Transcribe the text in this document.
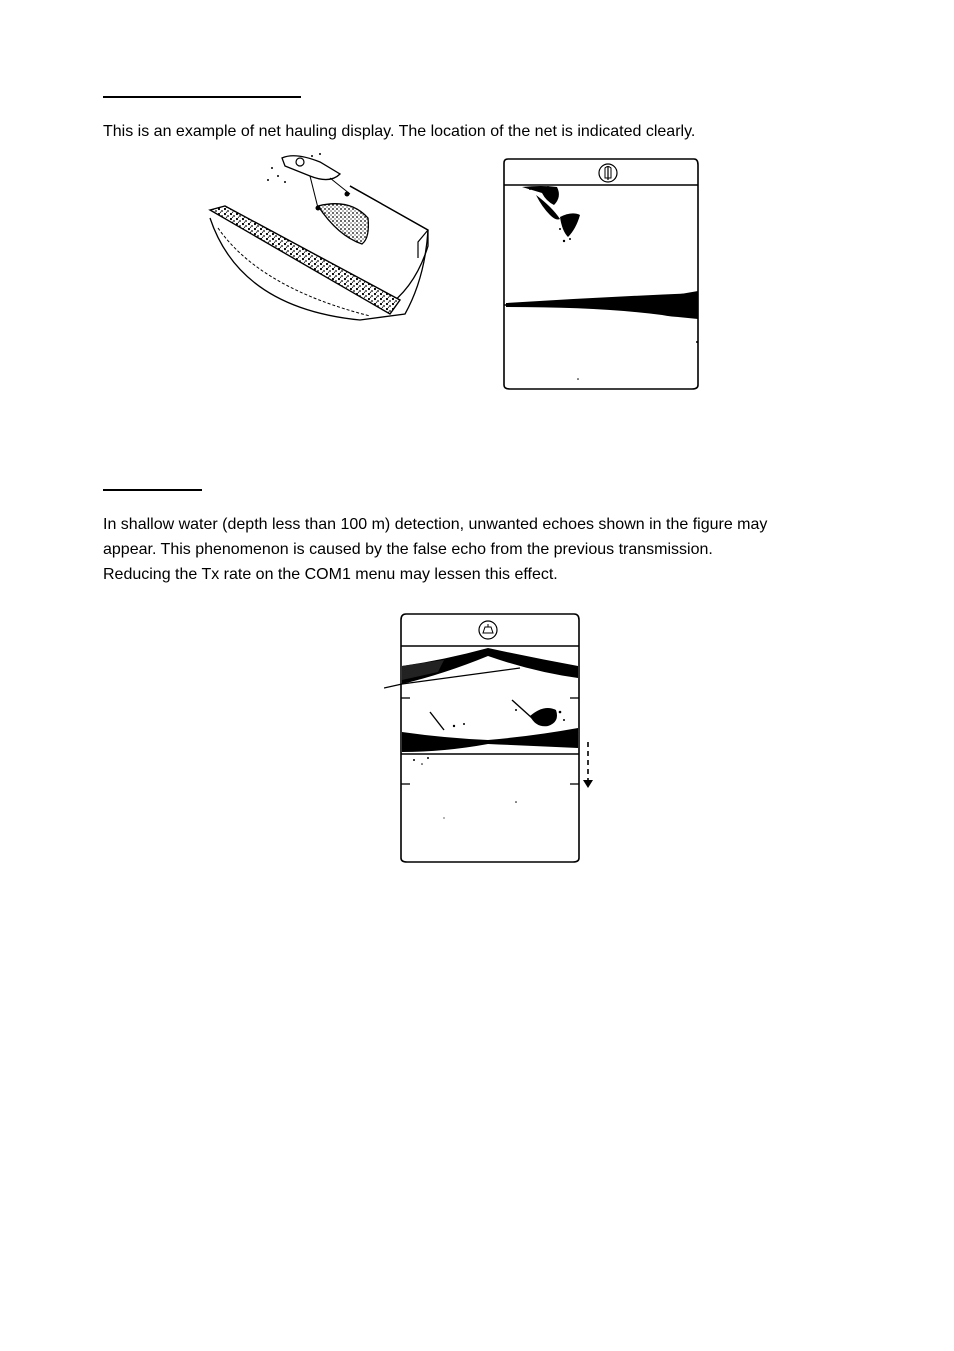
This is an example of net hauling display. The location of the net is indicated clearly.

In shallow water (depth less than 100 m) detection, unwanted echoes shown in the figure may
appear. This phenomenon is caused by the false echo from the previous transmission.
Reducing the Tx rate on the COM1 menu may lessen this effect.
